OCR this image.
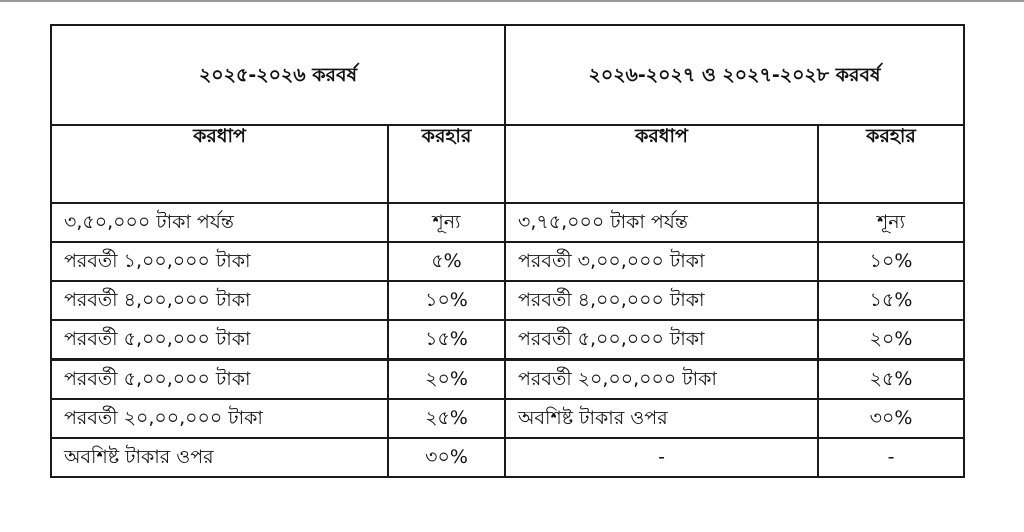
২০২৫-২০২৬ করবর্ষ		২০২৬-২০২৭ ও ২০২৭-২০২৮ করবর্ষ	
করধাপ	করহার	করধাপ	করহার
৩,৫০,০০০ টাকা পর্যন্ত	শূন্য	৩,৭৫,০০০ টাকা পর্যন্ত	শূন্য
পরবর্তী ১,০০,০০০ টাকা	৫%	পরবর্তী ৩,০০,০০০ টাকা	১০%
পরবর্তী ৪,০০,০০০ টাকা	১০%	পরবর্তী ৪,০০,০০০ টাকা	১৫%
পরবর্তী ৫,০০,০০০ টাকা	১৫%	পরবর্তী ৫,০০,০০০ টাকা	২০%
পরবর্তী ৫,০০,০০০ টাকা	২০%	পরবর্তী ২০,০০,০০০ টাকা	২৫%
পরবর্তী ২০,০০,০০০ টাকা	২৫%	অবশিষ্ট টাকার ওপর	৩০%
অবশিষ্ট টাকার ওপর	৩০%	-	-
